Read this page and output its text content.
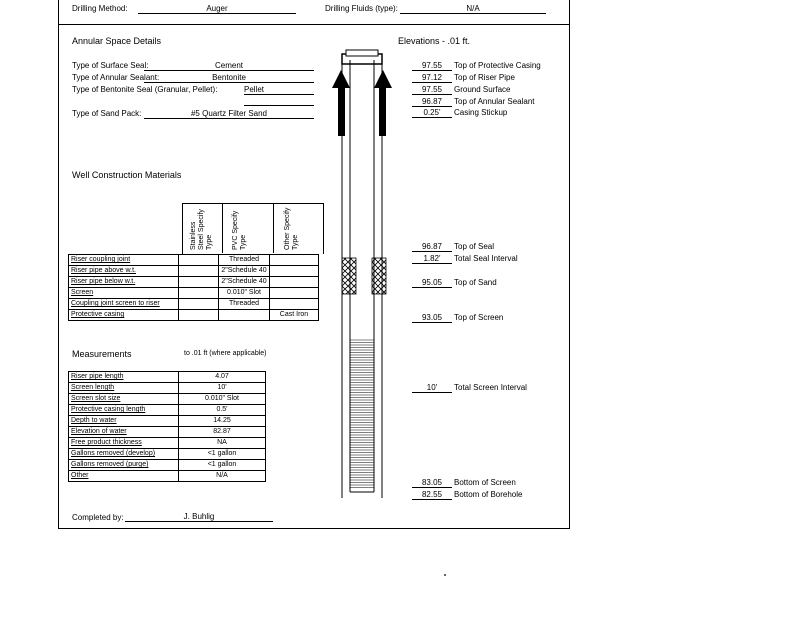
Drilling Method:	Auger	Drilling Fluids (type):	N/A
Annular Space Details
Type of Surface Seal:	Cement
Type of Annular Sealant:	Bentonite
Type of Bentonite Seal (Granular, Pellet):	Pellet
Type of Sand Pack:	#5 Quartz Filter Sand
Elevations - .01 ft.
97.55	Top of Protective Casing
97.12	Top of Riser Pipe
97.55	Ground Surface
96.87	Top of Annular Sealant
0.25'	Casing Stickup
96.87	Top of Seal
1.82'	Total Seal Interval
95.05	Top of Sand
93.05	Top of Screen
10'	Total Screen Interval
83.05	Bottom of Screen
82.55	Bottom of Borehole
Well Construction Materials
Stainless Steel Specify Type	PVC Specify Type	Other Specify Type
Riser coupling joint		Threaded	
Riser pipe above w.t.		2"Schedule 40	
Riser pipe below w.t.		2"Schedule 40	
Screen		0.010" Slot	
Coupling joint screen to riser		Threaded	
Protective casing			Cast Iron
Measurements	to .01 ft (where applicable)
Riser pipe length	4.07
Screen length	10'
Screen slot size	0.010" Slot
Protective casing length	0.5'
Depth to water	14.25
Elevation of water	82.87
Free product thickness	NA
Gallons removed (develop)	<1 gallon
Gallons removed (purge)	<1 gallon
Other	N/A
Completed by:	J. Buhlig
